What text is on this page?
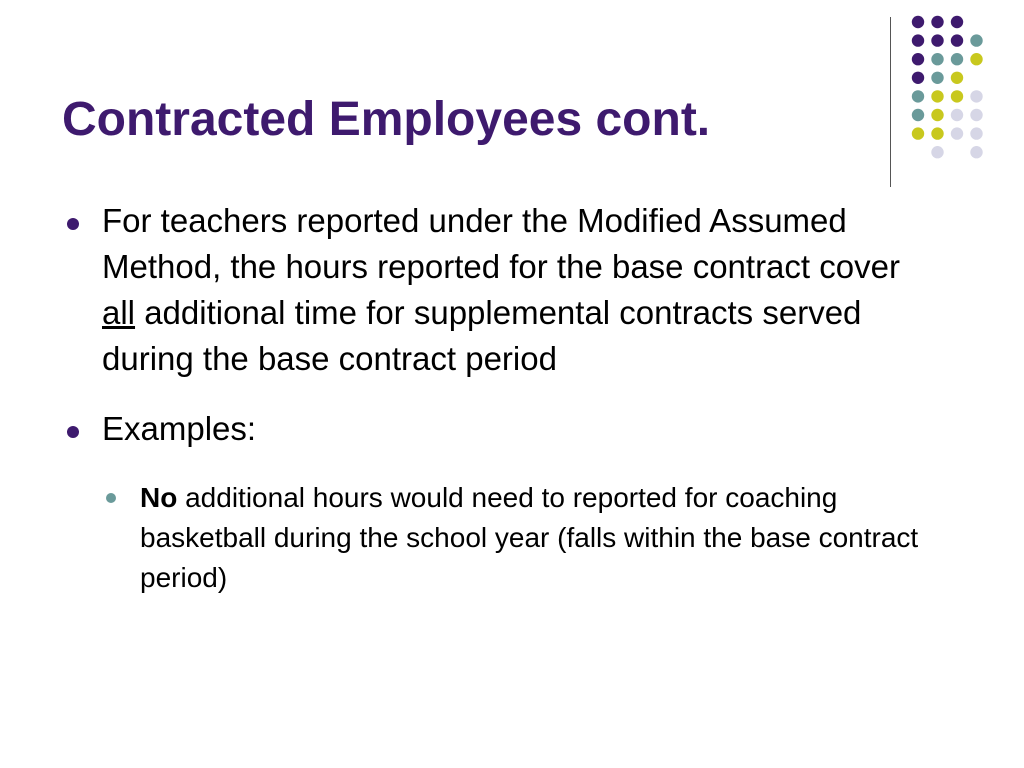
Contracted Employees cont.
For teachers reported under the Modified Assumed Method, the hours reported for the base contract cover all additional time for supplemental contracts served during the base contract period
Examples:
No additional hours would need to reported for coaching basketball during the school year (falls within the base contract period)
